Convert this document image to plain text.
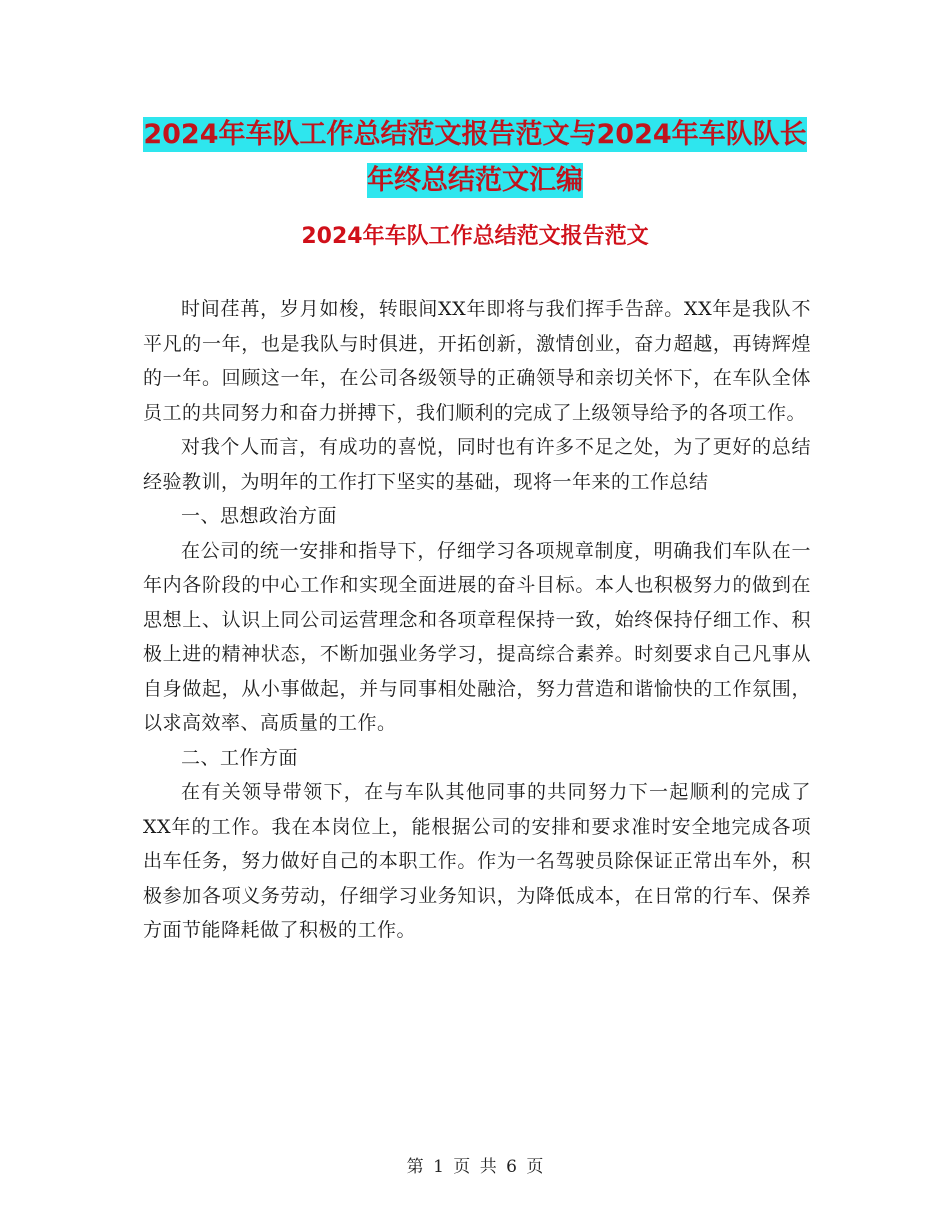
2024年车队工作总结范文报告范文与2024年车队队长
年终总结范文汇编
2024年车队工作总结范文报告范文

时间荏苒，岁月如梭，转眼间XX年即将与我们挥手告辞。XX年是我队不平凡的一年，也是我队与时俱进，开拓创新，激情创业，奋力超越，再铸辉煌的一年。回顾这一年，在公司各级领导的正确领导和亲切关怀下，在车队全体员工的共同努力和奋力拼搏下，我们顺利的完成了上级领导给予的各项工作。

对我个人而言，有成功的喜悦，同时也有许多不足之处，为了更好的总结经验教训，为明年的工作打下坚实的基础，现将一年来的工作总结

一、思想政治方面

在公司的统一安排和指导下，仔细学习各项规章制度，明确我们车队在一年内各阶段的中心工作和实现全面进展的奋斗目标。本人也积极努力的做到在思想上、认识上同公司运营理念和各项章程保持一致，始终保持仔细工作、积极上进的精神状态，不断加强业务学习，提高综合素养。时刻要求自己凡事从自身做起，从小事做起，并与同事相处融洽，努力营造和谐愉快的工作氛围，以求高效率、高质量的工作。

二、工作方面

在有关领导带领下，在与车队其他同事的共同努力下一起顺利的完成了XX年的工作。我在本岗位上，能根据公司的安排和要求准时安全地完成各项出车任务，努力做好自己的本职工作。作为一名驾驶员除保证正常出车外，积极参加各项义务劳动，仔细学习业务知识，为降低成本，在日常的行车、保养方面节能降耗做了积极的工作。

第 1 页 共 6 页
